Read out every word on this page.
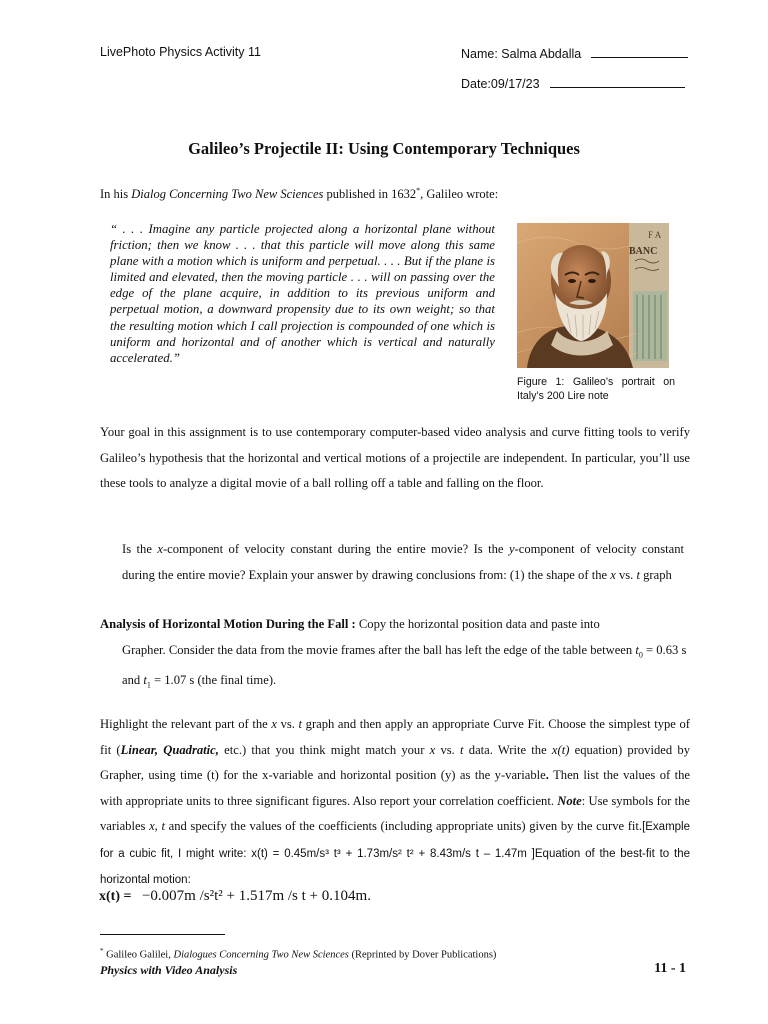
LivePhoto Physics Activity 11	Name: Salma Abdalla
Date:09/17/23
Galileo’s Projectile II: Using Contemporary Techniques
In his Dialog Concerning Two New Sciences published in 1632*, Galileo wrote:
“ . . . Imagine any particle projected along a horizontal plane without friction; then we know . . . that this particle will move along this same plane with a motion which is uniform and perpetual. . . . But if the plane is limited and elevated, then the moving particle . . . will on passing over the edge of the plane acquire, in addition to its previous uniform and perpetual motion, a downward propensity due to its own weight; so that the resulting motion which I call projection is compounded of one which is uniform and horizontal and of another which is vertical and naturally accelerated.”
F A
BANC
Figure 1: Galileo’s portrait on Italy’s 200 Lire note
Your goal in this assignment is to use contemporary computer-based video analysis and curve fitting tools to verify Galileo’s hypothesis that the horizontal and vertical motions of a projectile are independent. In particular, you’ll use these tools to analyze a digital movie of a ball rolling off a table and falling on the floor.
Is the x-component of velocity constant during the entire movie? Is the y-component of velocity constant during the entire movie? Explain your answer by drawing conclusions from: (1) the shape of the x vs. t graph
Analysis of Horizontal Motion During the Fall : Copy the horizontal position data and paste into
Grapher. Consider the data from the movie frames after the ball has left the edge of the table between $t_0 = 0.63$ s and $t_1 = 1.07$ s (the final time).
Highlight the relevant part of the x vs. t graph and then apply an appropriate Curve Fit. Choose the simplest type of fit (Linear, Quadratic, etc.) that you think might match your x vs. t data. Write the x(t) equation) provided by Grapher, using time (t) for the x-variable and horizontal position (y) as the y-variable. Then list the values of the with appropriate units to three significant figures. Also report your correlation coefficient. Note: Use symbols for the variables x, t and specify the values of the coefficients (including appropriate units) given by the curve fit.[Example for a cubic fit, I might write: x(t) = 0.45m/s³ t³ + 1.73m/s² t² + 8.43m/s t – 1.47m ]Equation of the best-fit to the horizontal motion:
x(t) = −0.007m /s²t² + 1.517m /s t + 0.104m.
* Galileo Galilei, Dialogues Concerning Two New Sciences (Reprinted by Dover Publications)
Physics with Video Analysis	11 - 1
